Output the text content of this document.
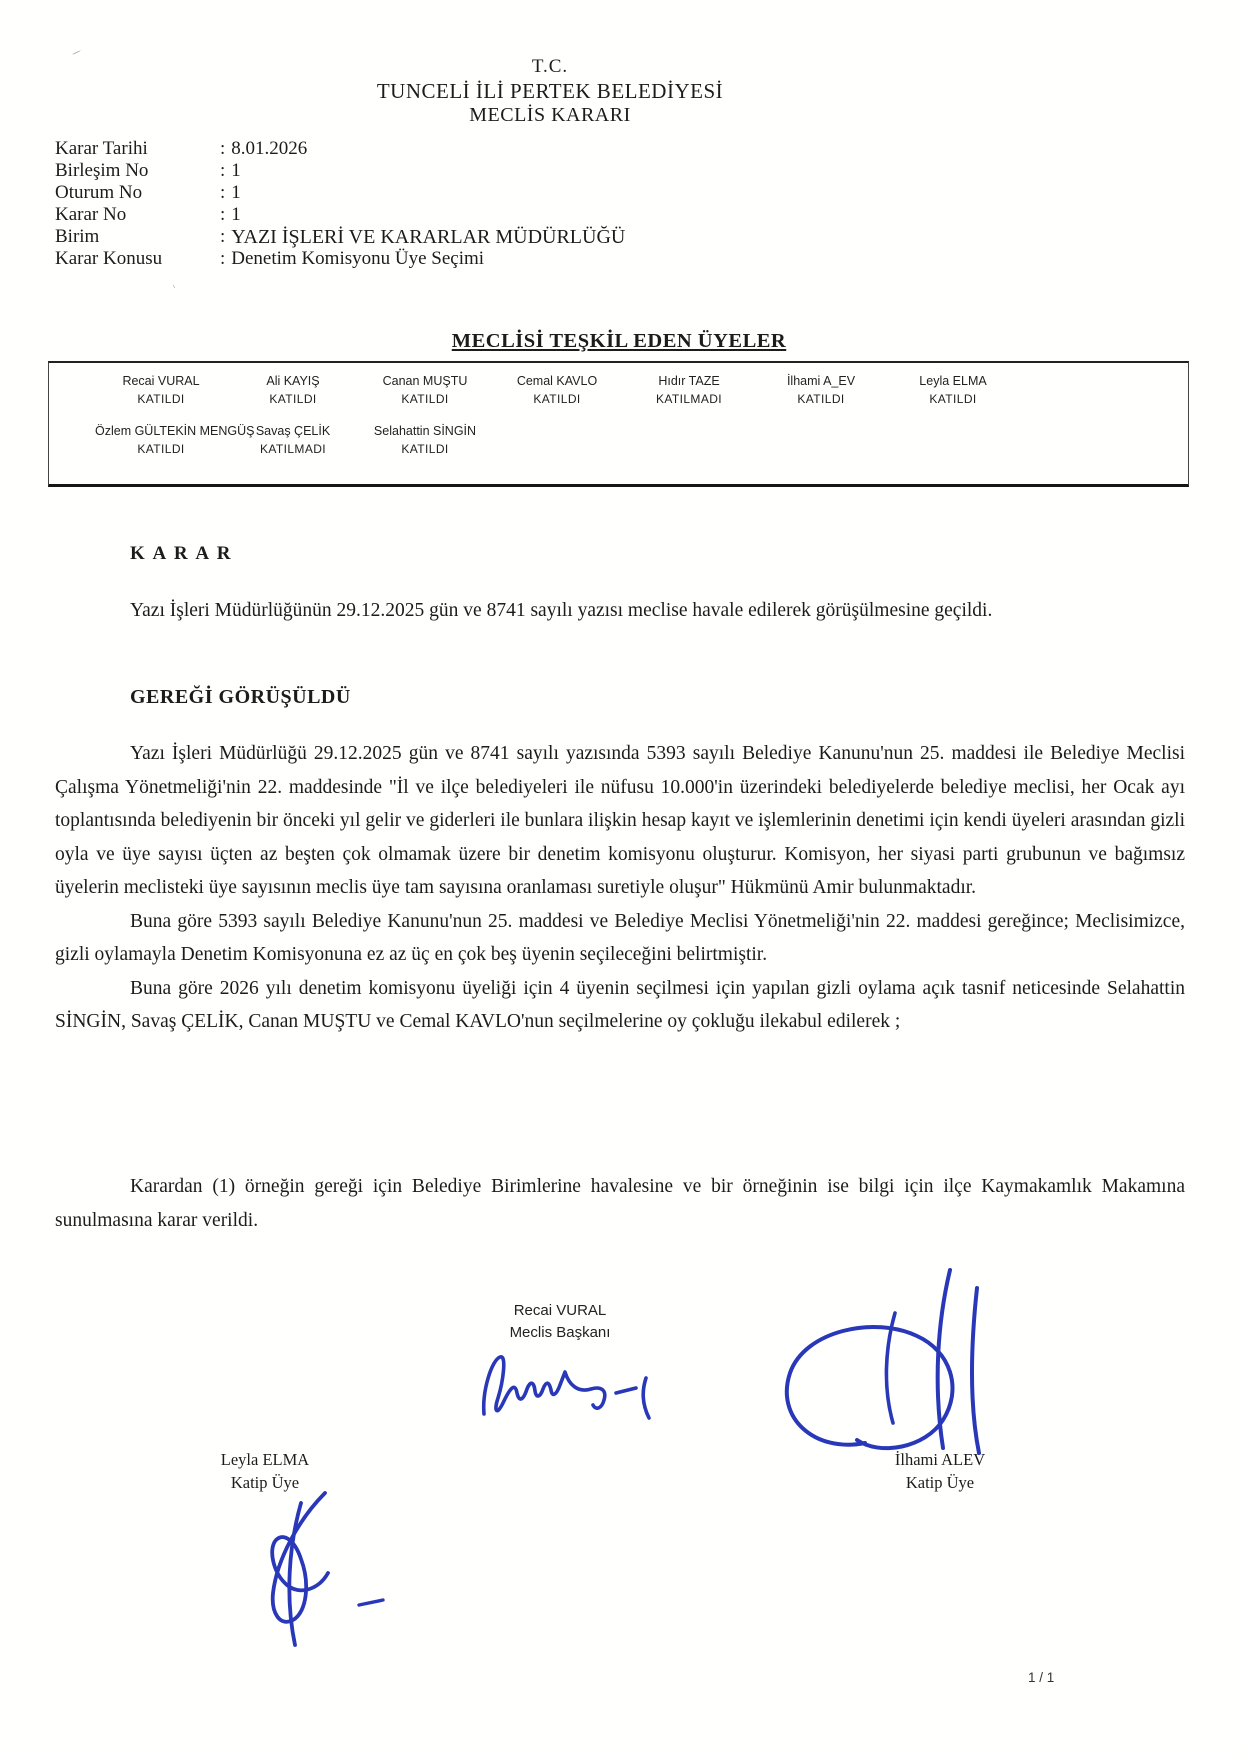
T.C.
TUNCELİ İLİ PERTEK BELEDİYESİ
MECLİS KARARI
Karar Tarihi	: 8.01.2026
Birleşim No	: 1
Oturum No	: 1
Karar No	: 1
Birim	: YAZI İŞLERİ VE KARARLAR MÜDÜRLÜĞÜ
Karar Konusu	: Denetim Komisyonu Üye Seçimi
MECLİSİ TEŞKİL EDEN ÜYELER
Recai VURAL
KATILDI
Ali KAYIŞ
KATILDI
Canan MUŞTU
KATILDI
Cemal KAVLO
KATILDI
Hıdır TAZE
KATILMADI
İlhami A_EV
KATILDI
Leyla ELMA
KATILDI
Özlem GÜLTEKİN MENGÜŞ
KATILDI
Savaş ÇELİK
KATILMADI
Selahattin SİNGİN
KATILDI
K A R A R

Yazı İşleri Müdürlüğünün 29.12.2025 gün ve 8741 sayılı yazısı meclise havale edilerek görüşülmesine geçildi.

GEREĞİ GÖRÜŞÜLDÜ

Yazı İşleri Müdürlüğü 29.12.2025 gün ve 8741 sayılı yazısında 5393 sayılı Belediye Kanunu'nun 25. maddesi ile Belediye Meclisi Çalışma Yönetmeliği'nin 22. maddesinde "İl ve ilçe belediyeleri ile nüfusu 10.000'in üzerindeki belediyelerde belediye meclisi, her Ocak ayı toplantısında belediyenin bir önceki yıl gelir ve giderleri ile bunlara ilişkin hesap kayıt ve işlemlerinin denetimi için kendi üyeleri arasından gizli oyla ve üye sayısı üçten az beşten çok olmamak üzere bir denetim komisyonu oluşturur. Komisyon, her siyasi parti grubunun ve bağımsız üyelerin meclisteki üye sayısının meclis üye tam sayısına oranlaması suretiyle oluşur" Hükmünü Amir bulunmaktadır.

Buna göre 5393 sayılı Belediye Kanunu'nun 25. maddesi ve Belediye Meclisi Yönetmeliği'nin 22. maddesi gereğince; Meclisimizce, gizli oylamayla Denetim Komisyonuna ez az üç en çok beş üyenin seçileceğini belirtmiştir.

Buna göre 2026 yılı denetim komisyonu üyeliği için 4 üyenin seçilmesi için yapılan gizli oylama açık tasnif neticesinde Selahattin SİNGİN, Savaş ÇELİK, Canan MUŞTU ve Cemal KAVLO'nun seçilmelerine oy çokluğu ilekabul edilerek ;

Karardan (1) örneğin gereği için Belediye Birimlerine havalesine ve bir örneğinin ise bilgi için ilçe Kaymakamlık Makamına sunulmasına karar verildi.

Recai VURAL
Meclis Başkanı
Leyla ELMA
Katip Üye
İlhami ALEV
Katip Üye
1 / 1
